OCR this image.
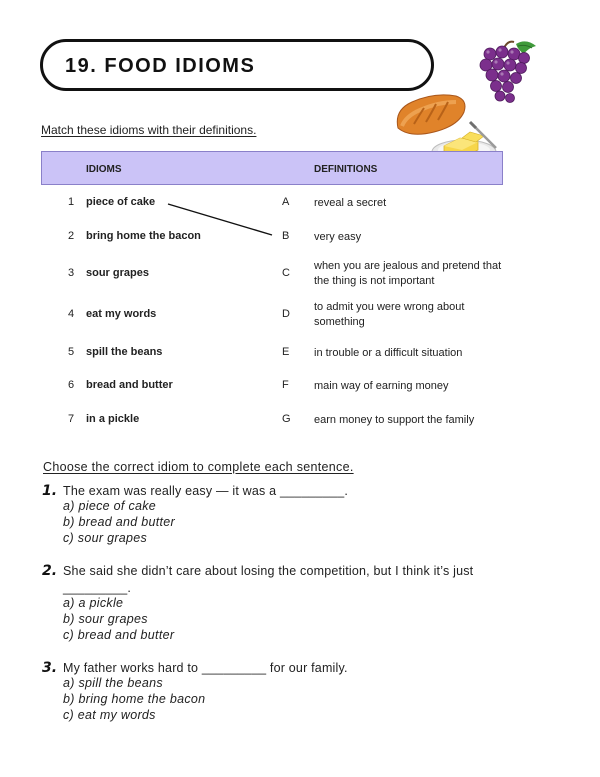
19. FOOD IDIOMS
Match these idioms with their definitions.
IDIOMS	DEFINITIONS
1 piece of cake	A reveal a secret
2 bring home the bacon	B very easy
3 sour grapes	C
when you are jealous and pretend that the thing is not important
4 eat my words	D
to admit you were wrong about something
5 spill the beans	E in trouble or a difficult situation
6 bread and butter	F main way of earning money
7 in a pickle	G earn money to support the family
Choose the correct idiom to complete each sentence.
1. The exam was really easy — it was a _________.
a) piece of cake
b) bread and butter
c) sour grapes
2. She said she didn’t care about losing the competition, but I think it’s just _________.
a) a pickle
b) sour grapes
c) bread and butter
3. My father works hard to _________ for our family.
a) spill the beans
b) bring home the bacon
c) eat my words
